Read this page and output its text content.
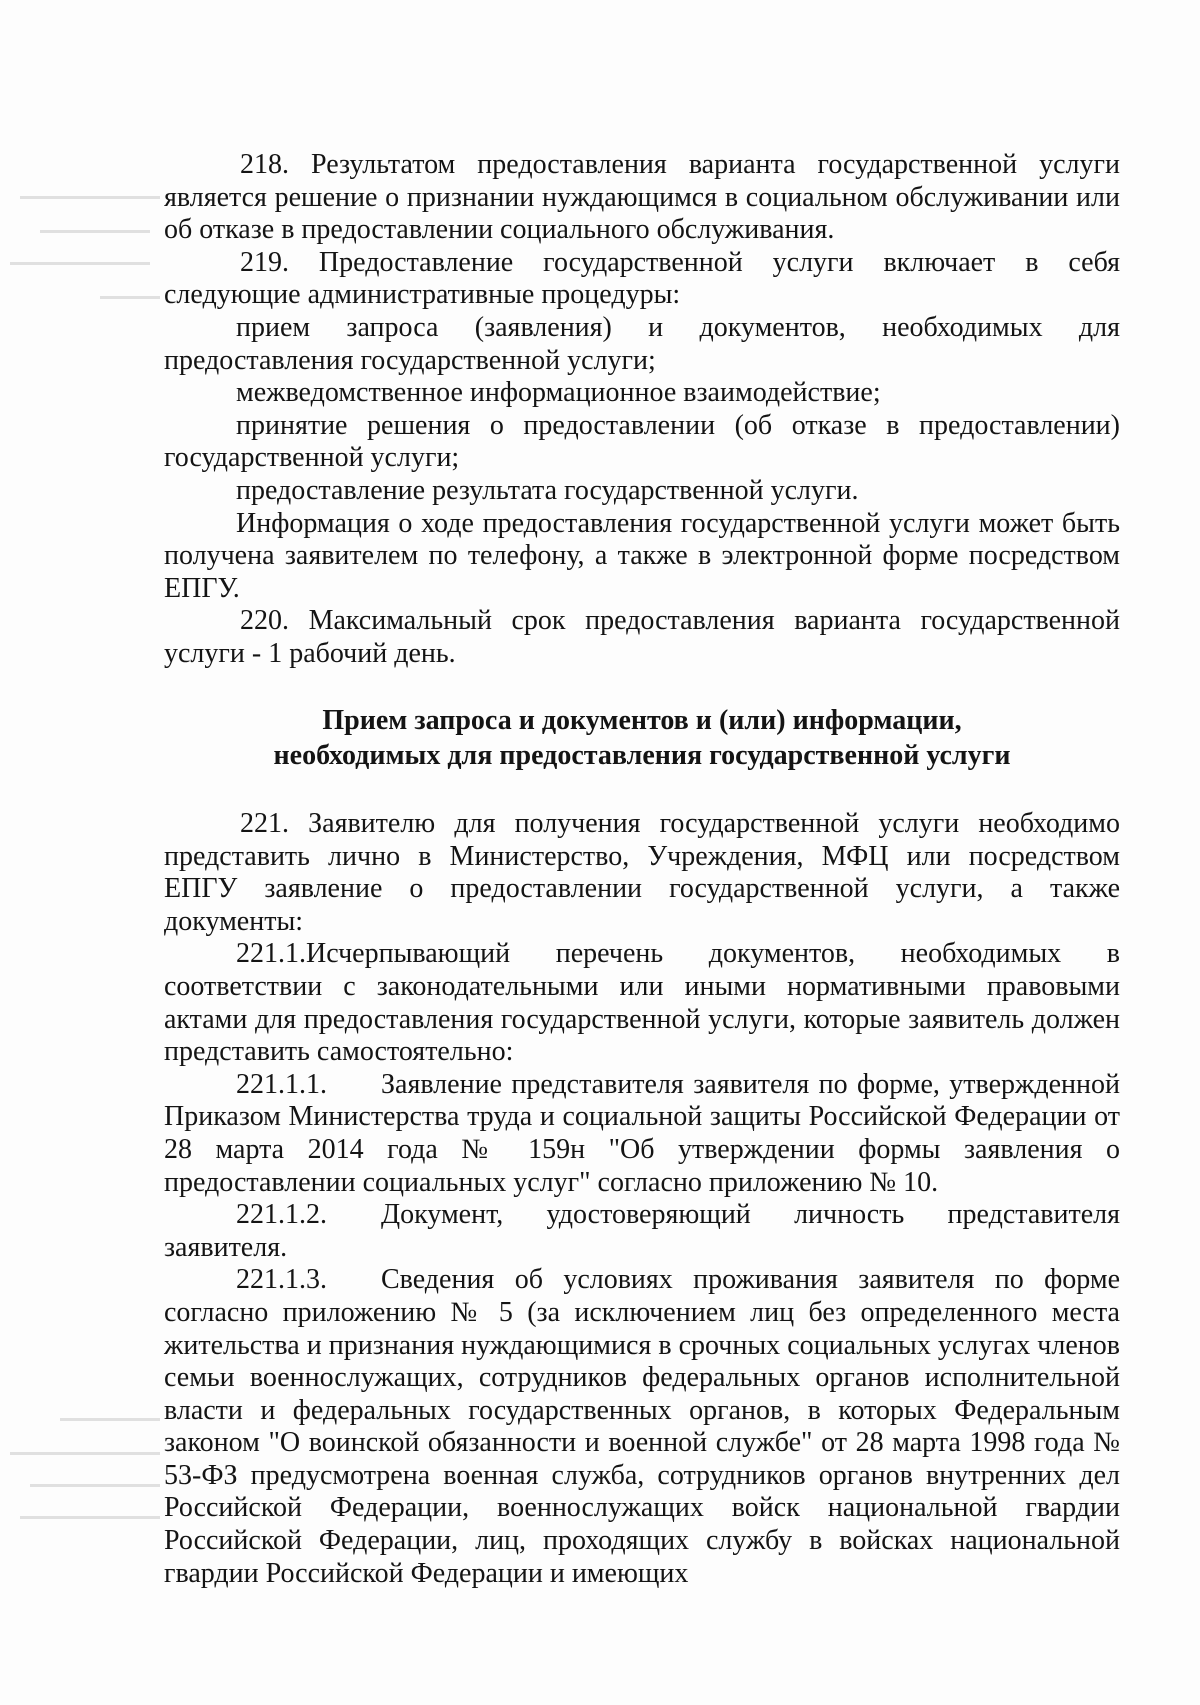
218. Результатом предоставления варианта государственной услуги является решение о признании нуждающимся в социальном обслуживании или об отказе в предоставлении социального обслуживания.

219. Предоставление государственной услуги включает в себя следующие административные процедуры:

прием запроса (заявления) и документов, необходимых для предоставления государственной услуги;

межведомственное информационное взаимодействие;

принятие решения о предоставлении (об отказе в предоставлении) государственной услуги;

предоставление результата государственной услуги.

Информация о ходе предоставления государственной услуги может быть получена заявителем по телефону, а также в электронной форме посредством ЕПГУ.

220. Максимальный срок предоставления варианта государственной услуги - 1 рабочий день.

Прием запроса и документов и (или) информации,
необходимых для предоставления государственной услуги

221. Заявителю для получения государственной услуги необходимо представить лично в Министерство, Учреждения, МФЦ или посредством ЕПГУ заявление о предоставлении государственной услуги, а также документы:

221.1.Исчерпывающий перечень документов, необходимых в соответствии с законодательными или иными нормативными правовыми актами для предоставления государственной услуги, которые заявитель должен представить самостоятельно:

221.1.1. Заявление представителя заявителя по форме, утвержденной Приказом Министерства труда и социальной защиты Российской Федерации от 28 марта 2014 года № 159н "Об утверждении формы заявления о предоставлении социальных услуг" согласно приложению № 10.

221.1.2. Документ, удостоверяющий личность представителя заявителя.

221.1.3. Сведения об условиях проживания заявителя по форме согласно приложению № 5 (за исключением лиц без определенного места жительства и признания нуждающимися в срочных социальных услугах членов семьи военнослужащих, сотрудников федеральных органов исполнительной власти и федеральных государственных органов, в которых Федеральным законом "О воинской обязанности и военной службе" от 28 марта 1998 года № 53-ФЗ предусмотрена военная служба, сотрудников органов внутренних дел Российской Федерации, военнослужащих войск национальной гвардии Российской Федерации, лиц, проходящих службу в войсках национальной гвардии Российской Федерации и имеющих
